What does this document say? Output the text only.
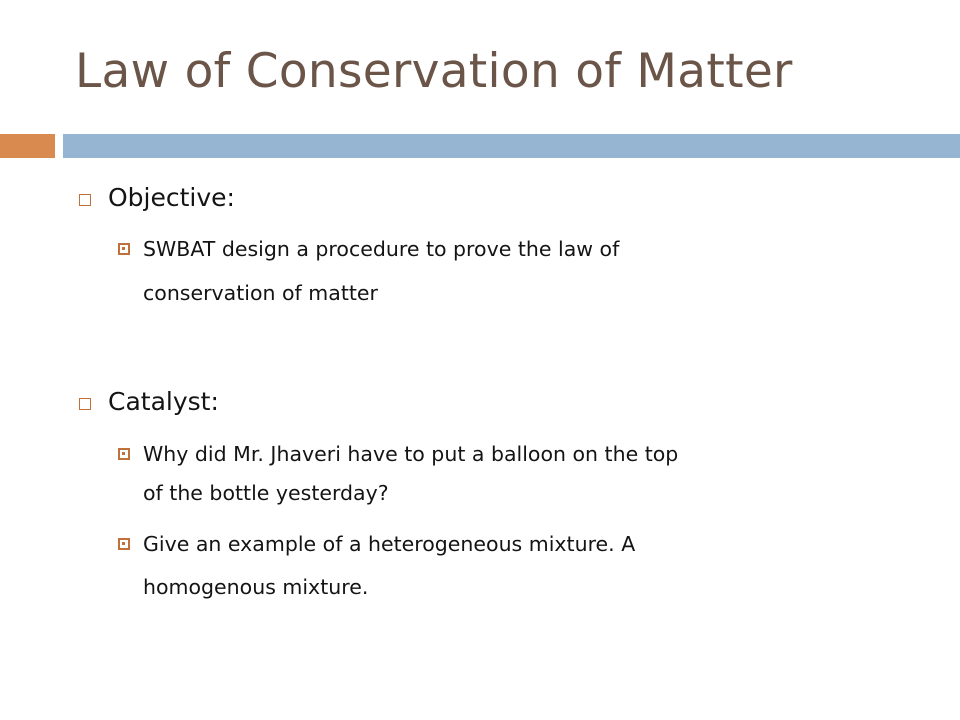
Law of Conservation of Matter
Objective:
SWBAT design a procedure to prove the law of
conservation of matter
Catalyst:
Why did Mr. Jhaveri have to put a balloon on the top
of the bottle yesterday?
Give an example of a heterogeneous mixture. A
homogenous mixture.
